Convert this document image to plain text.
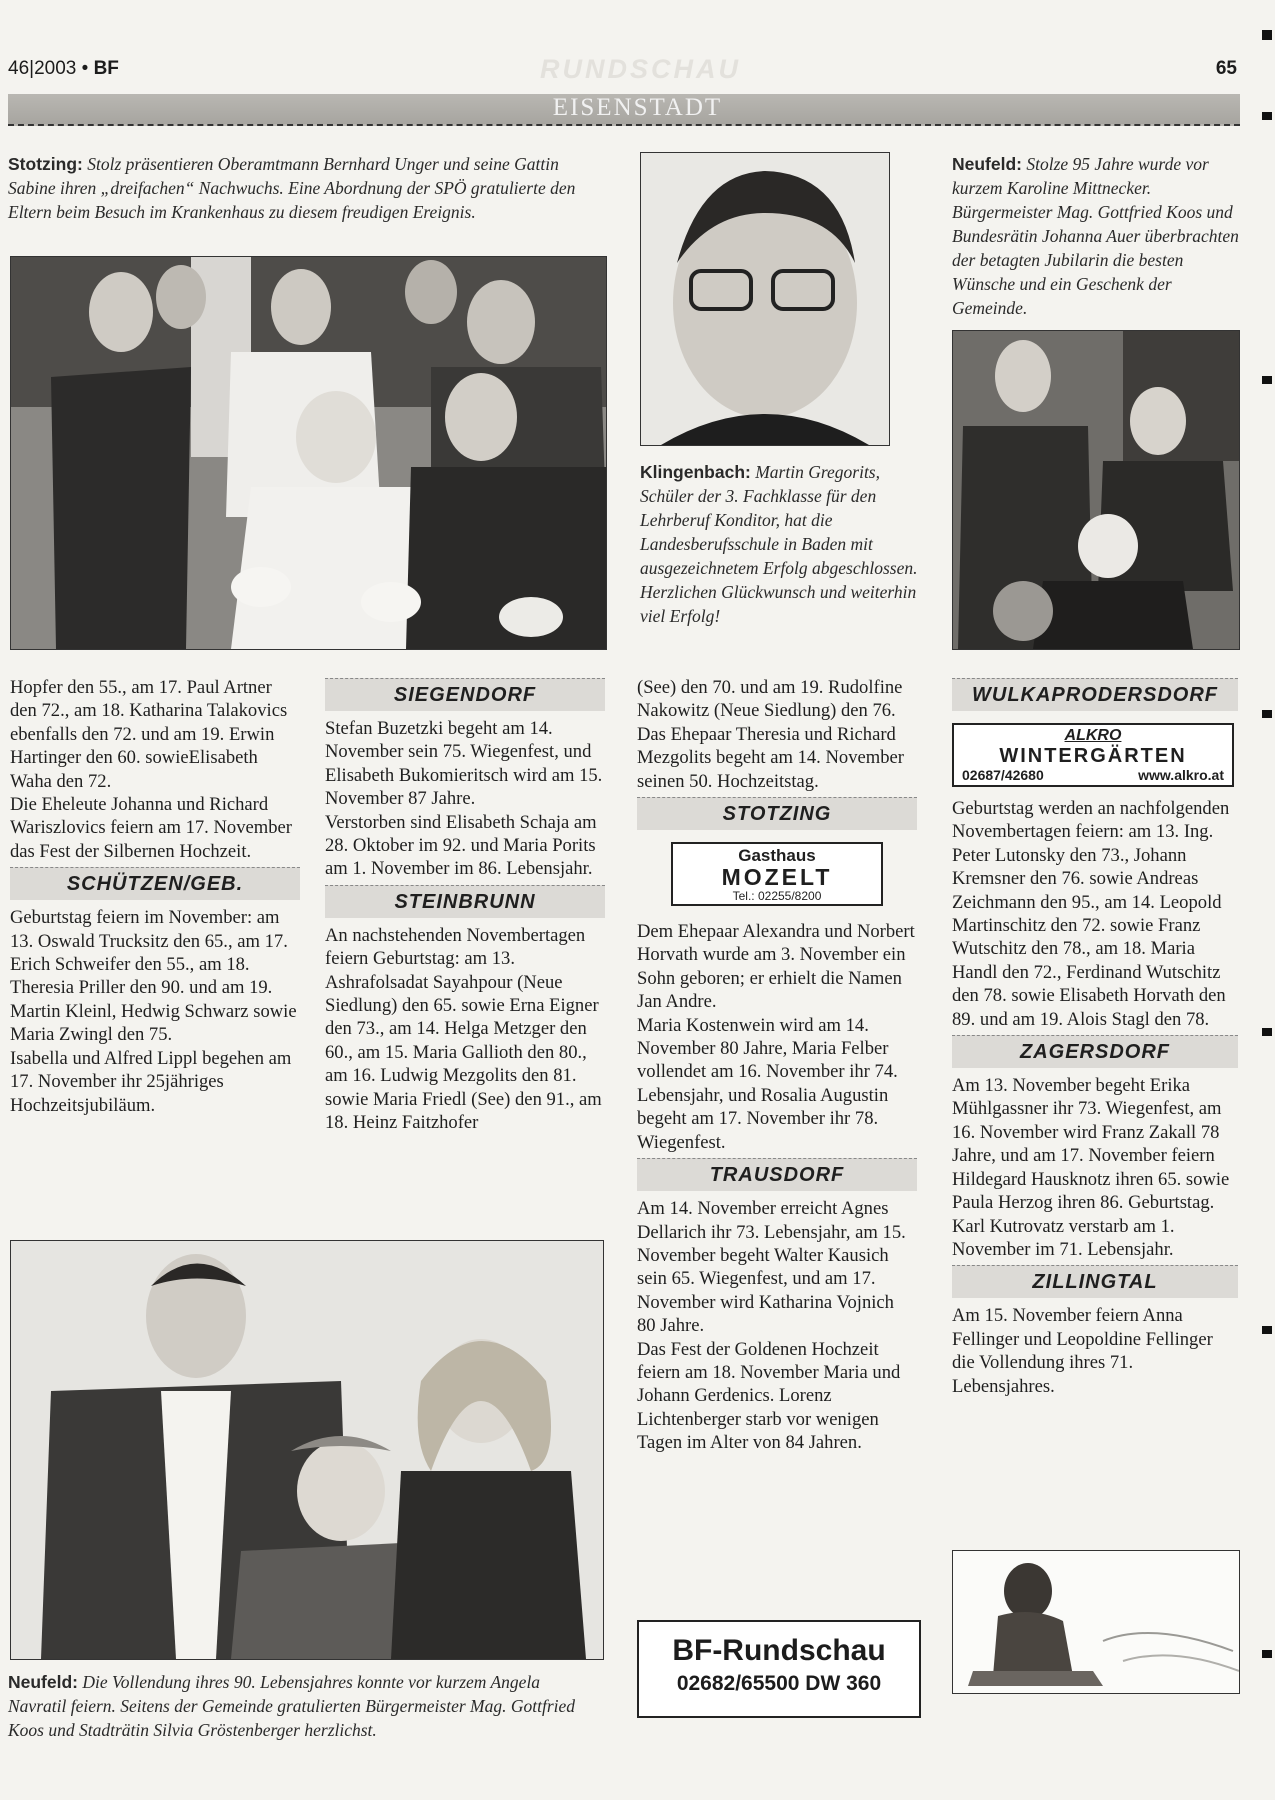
46|2003 • BF	RUNDSCHAU	65
EISENSTADT
Stotzing: Stolz präsentieren Oberamtmann Bernhard Unger und seine Gattin Sabine ihren „dreifachen“ Nachwuchs. Eine Abordnung der SPÖ gratulierte den Eltern beim Besuch im Krankenhaus zu diesem freudigen Ereignis.
Klingenbach: Martin Gregorits, Schüler der 3. Fachklasse für den Lehrberuf Konditor, hat die Landesberufsschule in Baden mit ausgezeichnetem Erfolg abgeschlossen. Herzlichen Glückwunsch und weiterhin viel Erfolg!
Neufeld: Stolze 95 Jahre wurde vor kurzem Karoline Mittnecker. Bürgermeister Mag. Gottfried Koos und Bundesrätin Johanna Auer überbrachten der betagten Jubilarin die besten Wünsche und ein Geschenk der Gemeinde.

Hopfer den 55., am 17. Paul Artner den 72., am 18. Katharina Talakovics ebenfalls den 72. und am 19. Erwin Hartinger den 60. sowieElisabeth Waha den 72.

Die Eheleute Johanna und Richard Wariszlovics feiern am 17. November das Fest der Silbernen Hochzeit.

SCHÜTZEN/GEB.

Geburtstag feiern im November: am 13. Oswald Trucksitz den 65., am 17. Erich Schweifer den 55., am 18. Theresia Priller den 90. und am 19. Martin Kleinl, Hedwig Schwarz sowie Maria Zwingl den 75.

Isabella und Alfred Lippl begehen am 17. November ihr 25jähriges Hochzeitsjubiläum.

SIEGENDORF

Stefan Buzetzki begeht am 14. November sein 75. Wiegenfest, und Elisabeth Bukomieritsch wird am 15. November 87 Jahre.

Verstorben sind Elisabeth Schaja am 28. Oktober im 92. und Maria Porits am 1. November im 86. Lebensjahr.

STEINBRUNN

An nachstehenden Novembertagen feiern Geburtstag: am 13. Ashrafolsadat Sayahpour (Neue Siedlung) den 65. sowie Erna Eigner den 73., am 14. Helga Metzger den 60., am 15. Maria Gallioth den 80., am 16. Ludwig Mezgolits den 81. sowie Maria Friedl (See) den 91., am 18. Heinz Faitzhofer

Neufeld: Die Vollendung ihres 90. Lebensjahres konnte vor kurzem Angela Navratil feiern. Seitens der Gemeinde gratulierten Bürgermeister Mag. Gottfried Koos und Stadträtin Silvia Gröstenberger herzlichst.

(See) den 70. und am 19. Rudolfine Nakowitz (Neue Siedlung) den 76.

Das Ehepaar Theresia und Richard Mezgolits begeht am 14. November seinen 50. Hochzeitstag.

STOTZING
Gasthaus
MOZELT
Tel.: 02255/8200

Dem Ehepaar Alexandra und Norbert Horvath wurde am 3. November ein Sohn geboren; er erhielt die Namen Jan Andre.

Maria Kostenwein wird am 14. November 80 Jahre, Maria Felber vollendet am 16. November ihr 74. Lebensjahr, und Rosalia Augustin begeht am 17. November ihr 78. Wiegenfest.

TRAUSDORF

Am 14. November erreicht Agnes Dellarich ihr 73. Lebensjahr, am 15. November begeht Walter Kausich sein 65. Wiegenfest, und am 17. November wird Katharina Vojnich 80 Jahre.

Das Fest der Goldenen Hochzeit feiern am 18. November Maria und Johann Gerdenics. Lorenz Lichtenberger starb vor wenigen Tagen im Alter von 84 Jahren.

BF-Rundschau
02682/65500 DW 360
WULKAPRODERSDORF
ALKRO
WINTERGÄRTEN
02687/42680	www.alkro.at

Geburtstag werden an nachfolgenden Novembertagen feiern: am 13. Ing. Peter Lutonsky den 73., Johann Kremsner den 76. sowie Andreas Zeichmann den 95., am 14. Leopold Martinschitz den 72. sowie Franz Wutschitz den 78., am 18. Maria Handl den 72., Ferdinand Wutschitz den 78. sowie Elisabeth Horvath den 89. und am 19. Alois Stagl den 78.

ZAGERSDORF

Am 13. November begeht Erika Mühlgassner ihr 73. Wiegenfest, am 16. November wird Franz Zakall 78 Jahre, und am 17. November feiern Hildegard Hausknotz ihren 65. sowie Paula Herzog ihren 86. Geburtstag.

Karl Kutrovatz verstarb am 1. November im 71. Lebensjahr.

ZILLINGTAL

Am 15. November feiern Anna Fellinger und Leopoldine Fellinger die Vollendung ihres 71. Lebensjahres.
